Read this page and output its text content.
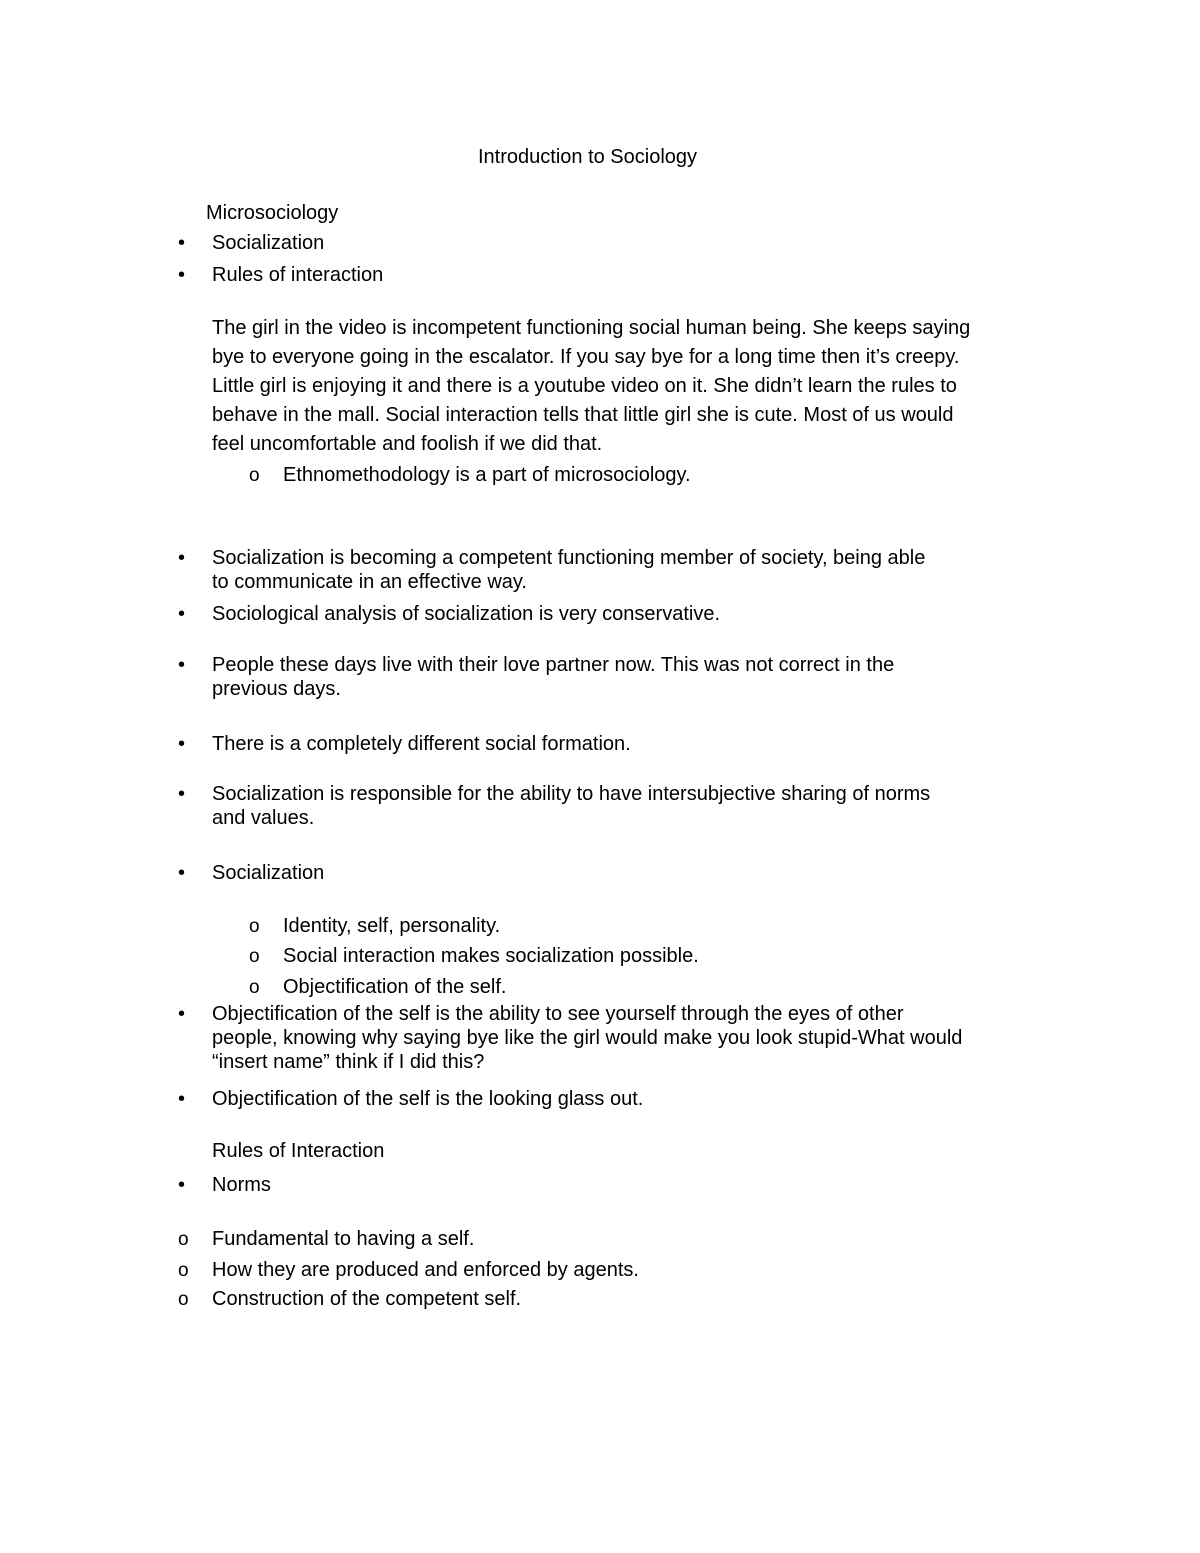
Introduction to Sociology
Microsociology
• Socialization
• Rules of interaction
The girl in the video is incompetent functioning social human being. She keeps saying
bye to everyone going in the escalator. If you say bye for a long time then it’s creepy.
Little girl is enjoying it and there is a youtube video on it. She didn’t learn the rules to
behave in the mall. Social interaction tells that little girl she is cute. Most of us would
feel uncomfortable and foolish if we did that.
o Ethnomethodology is a part of microsociology.
• Socialization is becoming a competent functioning member of society, being able
to communicate in an effective way.
• Sociological analysis of socialization is very conservative.
• People these days live with their love partner now. This was not correct in the
previous days.
• There is a completely different social formation.
• Socialization is responsible for the ability to have intersubjective sharing of norms
and values.
• Socialization
o Identity, self, personality.
o Social interaction makes socialization possible.
o Objectification of the self.
• Objectification of the self is the ability to see yourself through the eyes of other
people, knowing why saying bye like the girl would make you look stupid-What would
“insert name” think if I did this?
• Objectification of the self is the looking glass out.
Rules of Interaction
• Norms
o Fundamental to having a self.
o How they are produced and enforced by agents.
o Construction of the competent self.
